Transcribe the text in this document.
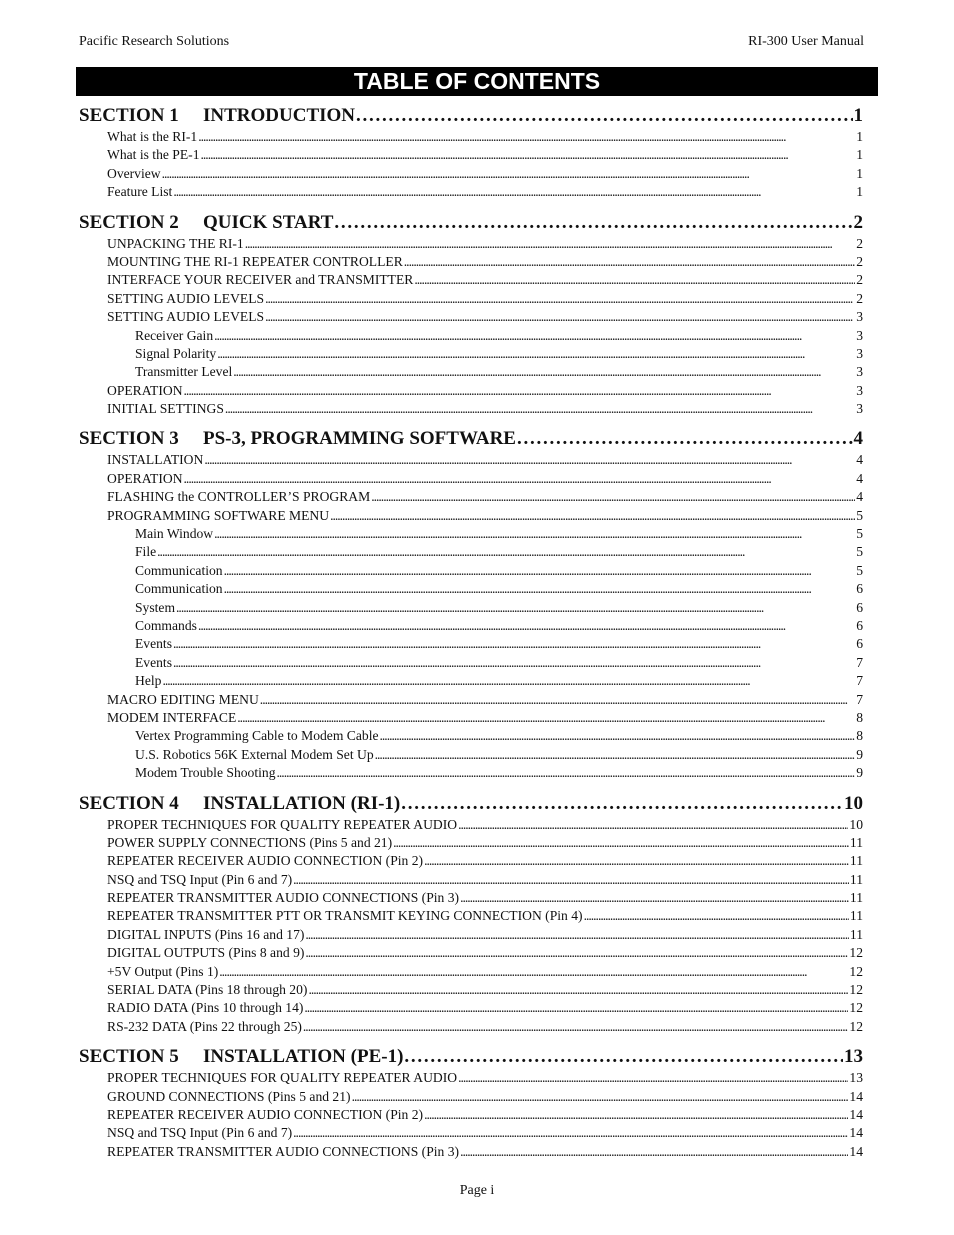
Pacific Research Solutions	RI-300 User Manual
TABLE OF CONTENTS
SECTION 1	INTRODUCTION . . .	1
What is the RI-1 . . .	1
What is the PE-1 . . .	1
Overview . . .	1
Feature List . . .	1
SECTION 2	QUICK START . . .	2
UNPACKING THE RI-1 . . .	2
MOUNTING THE RI-1 REPEATER CONTROLLER . . .	2
INTERFACE YOUR RECEIVER and TRANSMITTER . . .	2
SETTING AUDIO LEVELS . . .	2
SETTING AUDIO LEVELS . . .	3
Receiver Gain . . .	3
Signal Polarity . . .	3
Transmitter Level . . .	3
OPERATION . . .	3
INITIAL SETTINGS . . .	3
SECTION 3	PS-3, PROGRAMMING SOFTWARE . . .	4
INSTALLATION . . .	4
OPERATION . . .	4
FLASHING the CONTROLLER’S PROGRAM . . .	4
PROGRAMMING SOFTWARE MENU . . .	5
Main Window . . .	5
File . . .	5
Communication . . .	5
Communication . . .	6
System . . .	6
Commands . . .	6
Events . . .	6
Events . . .	7
Help . . .	7
MACRO EDITING MENU . . .	7
MODEM INTERFACE . . .	8
Vertex Programming Cable to Modem Cable . . .	8
U.S. Robotics 56K External Modem Set Up . . .	9
Modem Trouble Shooting . . .	9
SECTION 4	INSTALLATION (RI-1) . . .	10
PROPER TECHNIQUES FOR QUALITY REPEATER AUDIO . . .	10
POWER SUPPLY CONNECTIONS (Pins 5 and 21) . . .	11
REPEATER RECEIVER AUDIO CONNECTION (Pin 2) . . .	11
NSQ and TSQ Input (Pin 6 and 7) . . .	11
REPEATER TRANSMITTER AUDIO CONNECTIONS (Pin 3) . . .	11
REPEATER TRANSMITTER PTT OR TRANSMIT KEYING CONNECTION (Pin 4) . . .	11
DIGITAL INPUTS (Pins 16 and 17) . . .	11
DIGITAL OUTPUTS (Pins 8 and 9) . . .	12
+5V Output (Pins 1) . . .	12
SERIAL DATA (Pins 18 through 20) . . .	12
RADIO DATA (Pins 10 through 14) . . .	12
RS-232 DATA (Pins 22 through 25) . . .	12
SECTION 5	INSTALLATION (PE-1) . . .	13
PROPER TECHNIQUES FOR QUALITY REPEATER AUDIO . . .	13
GROUND CONNECTIONS (Pins 5 and 21) . . .	14
REPEATER RECEIVER AUDIO CONNECTION (Pin 2) . . .	14
NSQ and TSQ Input (Pin 6 and 7) . . .	14
REPEATER TRANSMITTER AUDIO CONNECTIONS (Pin 3) . . .	14
Page i
